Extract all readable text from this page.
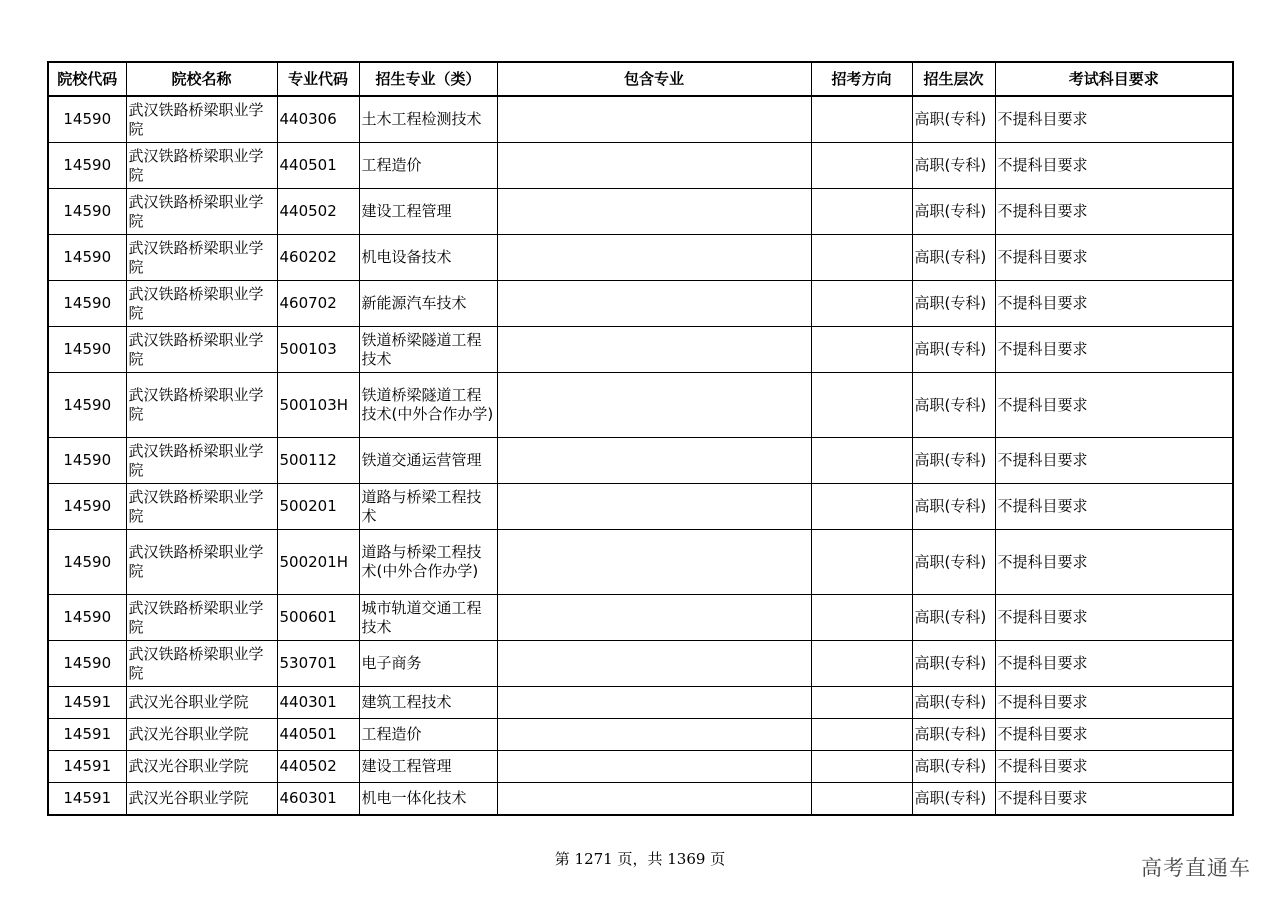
院校代码	院校名称	专业代码	招生专业（类）	包含专业	招考方向	招生层次	考试科目要求
14590	武汉铁路桥梁职业学院	440306	土木工程检测技术			高职(专科)	不提科目要求
14590	武汉铁路桥梁职业学院	440501	工程造价			高职(专科)	不提科目要求
14590	武汉铁路桥梁职业学院	440502	建设工程管理			高职(专科)	不提科目要求
14590	武汉铁路桥梁职业学院	460202	机电设备技术			高职(专科)	不提科目要求
14590	武汉铁路桥梁职业学院	460702	新能源汽车技术			高职(专科)	不提科目要求
14590	武汉铁路桥梁职业学院	500103	铁道桥梁隧道工程技术			高职(专科)	不提科目要求
14590	武汉铁路桥梁职业学院	500103H	铁道桥梁隧道工程技术(中外合作办学)			高职(专科)	不提科目要求
14590	武汉铁路桥梁职业学院	500112	铁道交通运营管理			高职(专科)	不提科目要求
14590	武汉铁路桥梁职业学院	500201	道路与桥梁工程技术			高职(专科)	不提科目要求
14590	武汉铁路桥梁职业学院	500201H	道路与桥梁工程技术(中外合作办学)			高职(专科)	不提科目要求
14590	武汉铁路桥梁职业学院	500601	城市轨道交通工程技术			高职(专科)	不提科目要求
14590	武汉铁路桥梁职业学院	530701	电子商务			高职(专科)	不提科目要求
14591	武汉光谷职业学院	440301	建筑工程技术			高职(专科)	不提科目要求
14591	武汉光谷职业学院	440501	工程造价			高职(专科)	不提科目要求
14591	武汉光谷职业学院	440502	建设工程管理			高职(专科)	不提科目要求
14591	武汉光谷职业学院	460301	机电一体化技术			高职(专科)	不提科目要求
第 1271 页，共 1369 页	高考直通车
